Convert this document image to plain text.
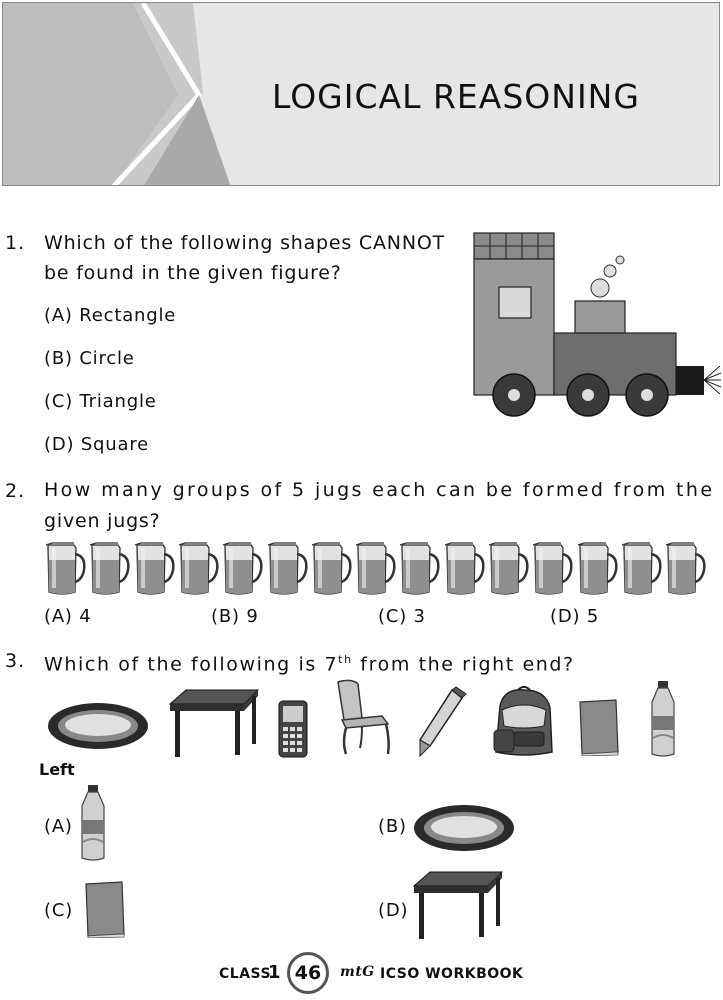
LOGICAL REASONING
1. Which of the following shapes CANNOT
be found in the given figure?
(A) Rectangle
(B) Circle
(C) Triangle
(D) Square
2. How many groups of 5 jugs each can be formed from the
given jugs?
(A) 4	(B) 9	(C) 3	(D) 5
3. Which of the following is 7th from the right end?
Left
(A)	(B)
(C)	(D)
CLASS
1 46	mtG ICSO WORKBOOK
